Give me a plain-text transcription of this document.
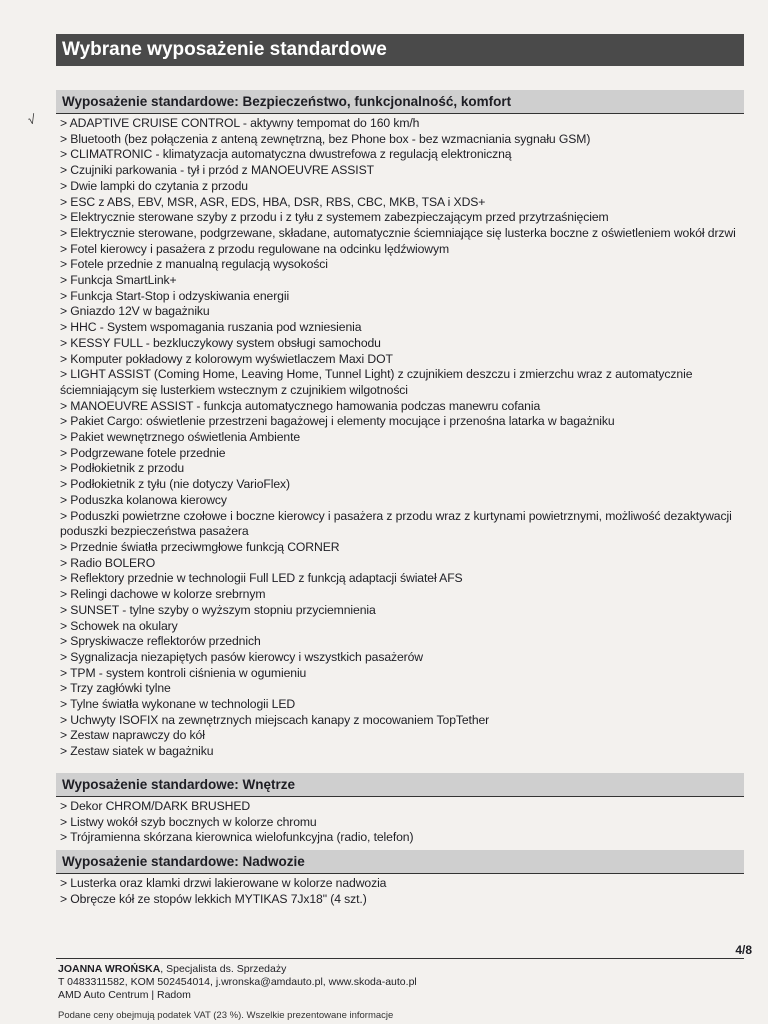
Wybrane wyposażenie standardowe
√
Wyposażenie standardowe: Bezpieczeństwo, funkcjonalność, komfort
> ADAPTIVE CRUISE CONTROL - aktywny tempomat do 160 km/h
> Bluetooth (bez połączenia z anteną zewnętrzną, bez Phone box - bez wzmacniania sygnału GSM)
> CLIMATRONIC - klimatyzacja automatyczna dwustrefowa z regulacją elektroniczną
> Czujniki parkowania - tył i przód z MANOEUVRE ASSIST
> Dwie lampki do czytania z przodu
> ESC z ABS, EBV, MSR, ASR, EDS, HBA, DSR, RBS, CBC, MKB, TSA i XDS+
> Elektrycznie sterowane szyby z przodu i z tyłu z systemem zabezpieczającym przed przytrzaśnięciem
> Elektrycznie sterowane, podgrzewane, składane, automatycznie ściemniające się lusterka boczne z oświetleniem wokół drzwi
> Fotel kierowcy i pasażera z przodu regulowane na odcinku lędźwiowym
> Fotele przednie z manualną regulacją wysokości
> Funkcja SmartLink+
> Funkcja Start-Stop i odzyskiwania energii
> Gniazdo 12V w bagażniku
> HHC - System wspomagania ruszania pod wzniesienia
> KESSY FULL - bezkluczykowy system obsługi samochodu
> Komputer pokładowy z kolorowym wyświetlaczem Maxi DOT
> LIGHT ASSIST (Coming Home, Leaving Home, Tunnel Light) z czujnikiem deszczu i zmierzchu wraz z automatycznie ściemniającym się lusterkiem wstecznym z czujnikiem wilgotności
> MANOEUVRE ASSIST - funkcja automatycznego hamowania podczas manewru cofania
> Pakiet Cargo: oświetlenie przestrzeni bagażowej i elementy mocujące i przenośna latarka w bagażniku
> Pakiet wewnętrznego oświetlenia Ambiente
> Podgrzewane fotele przednie
> Podłokietnik z przodu
> Podłokietnik z tyłu (nie dotyczy VarioFlex)
> Poduszka kolanowa kierowcy
> Poduszki powietrzne czołowe i boczne kierowcy i pasażera z przodu wraz z kurtynami powietrznymi, możliwość dezaktywacji poduszki bezpieczeństwa pasażera
> Przednie światła przeciwmgłowe funkcją CORNER
> Radio BOLERO
> Reflektory przednie w technologii Full LED z funkcją adaptacji świateł AFS
> Relingi dachowe w kolorze srebrnym
> SUNSET - tylne szyby o wyższym stopniu przyciemnienia
> Schowek na okulary
> Spryskiwacze reflektorów przednich
> Sygnalizacja niezapiętych pasów kierowcy i wszystkich pasażerów
> TPM - system kontroli ciśnienia w ogumieniu
> Trzy zagłówki tylne
> Tylne światła wykonane w technologii LED
> Uchwyty ISOFIX na zewnętrznych miejscach kanapy z mocowaniem TopTether
> Zestaw naprawczy do kół
> Zestaw siatek w bagażniku
Wyposażenie standardowe: Wnętrze
> Dekor CHROM/DARK BRUSHED
> Listwy wokół szyb bocznych w kolorze chromu
> Trójramienna skórzana kierownica wielofunkcyjna (radio, telefon)
Wyposażenie standardowe: Nadwozie
> Lusterka oraz klamki drzwi lakierowane w kolorze nadwozia
> Obręcze kół ze stopów lekkich MYTIKAS 7Jx18" (4 szt.)
4/8
JOANNA WROŃSKA, Specjalista ds. Sprzedaży
T 0483311582, KOM 502454014, j.wronska@amdauto.pl, www.skoda-auto.pl
AMD Auto Centrum | Radom
Podane ceny obejmują podatek VAT (23 %). Wszelkie prezentowane informacje
